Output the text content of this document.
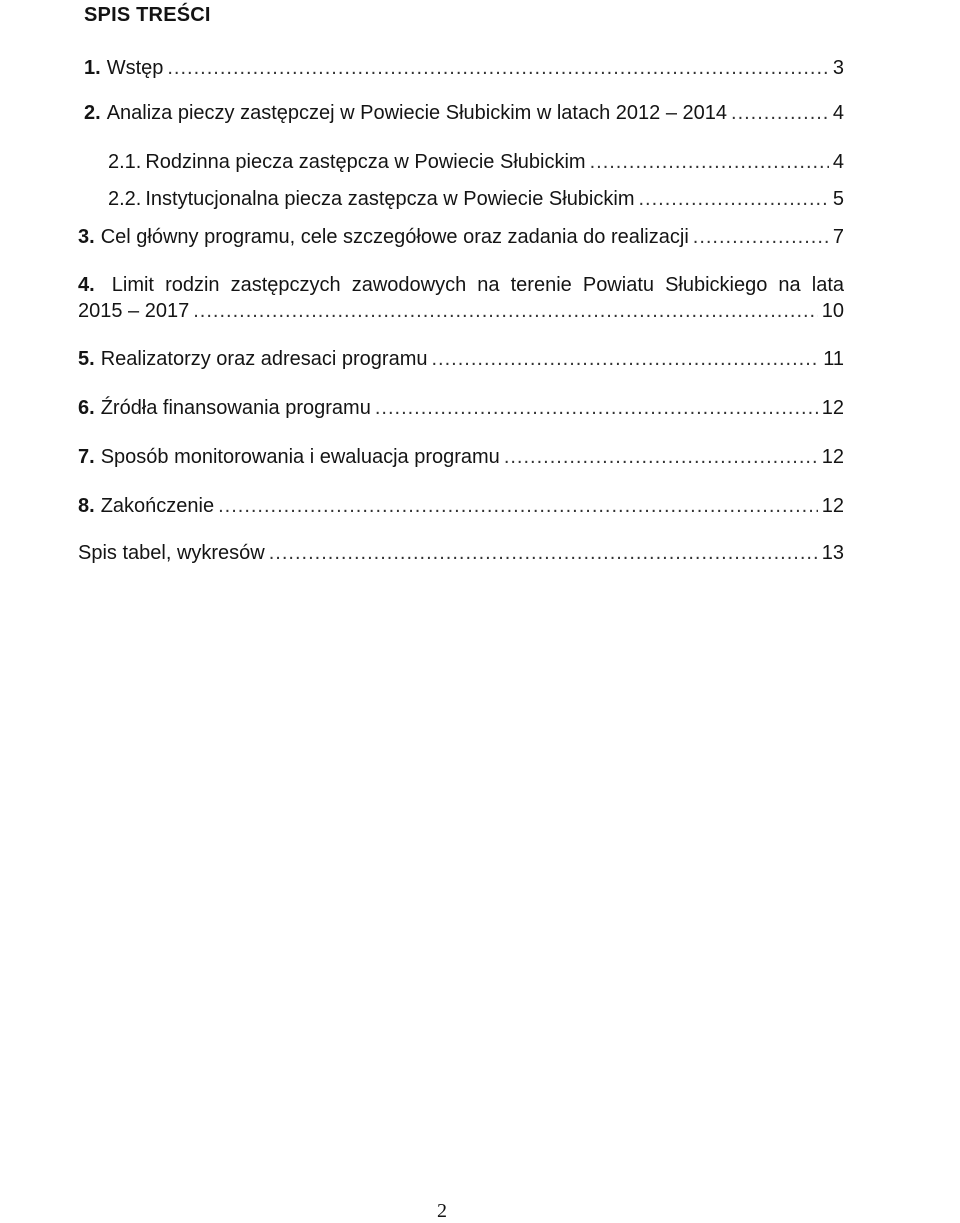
SPIS TREŚCI
1. Wstęp .....	3
2. Analiza pieczy zastępczej w Powiecie Słubickim w latach 2012 – 2014 .....	4
2.1. Rodzinna piecza zastępcza w Powiecie Słubickim .....	4
2.2. Instytucjonalna piecza zastępcza w Powiecie Słubickim .....	5
3. Cel główny programu, cele szczegółowe oraz zadania do realizacji .....	7
4. Limit rodzin zastępczych zawodowych na terenie Powiatu Słubickiego na lata
2015 – 2017 .....	10
5. Realizatorzy oraz adresaci programu .....	11
6. Źródła finansowania programu .....	12
7. Sposób monitorowania i ewaluacja programu .....	12
8. Zakończenie .....	12
Spis tabel, wykresów .....	13
2
